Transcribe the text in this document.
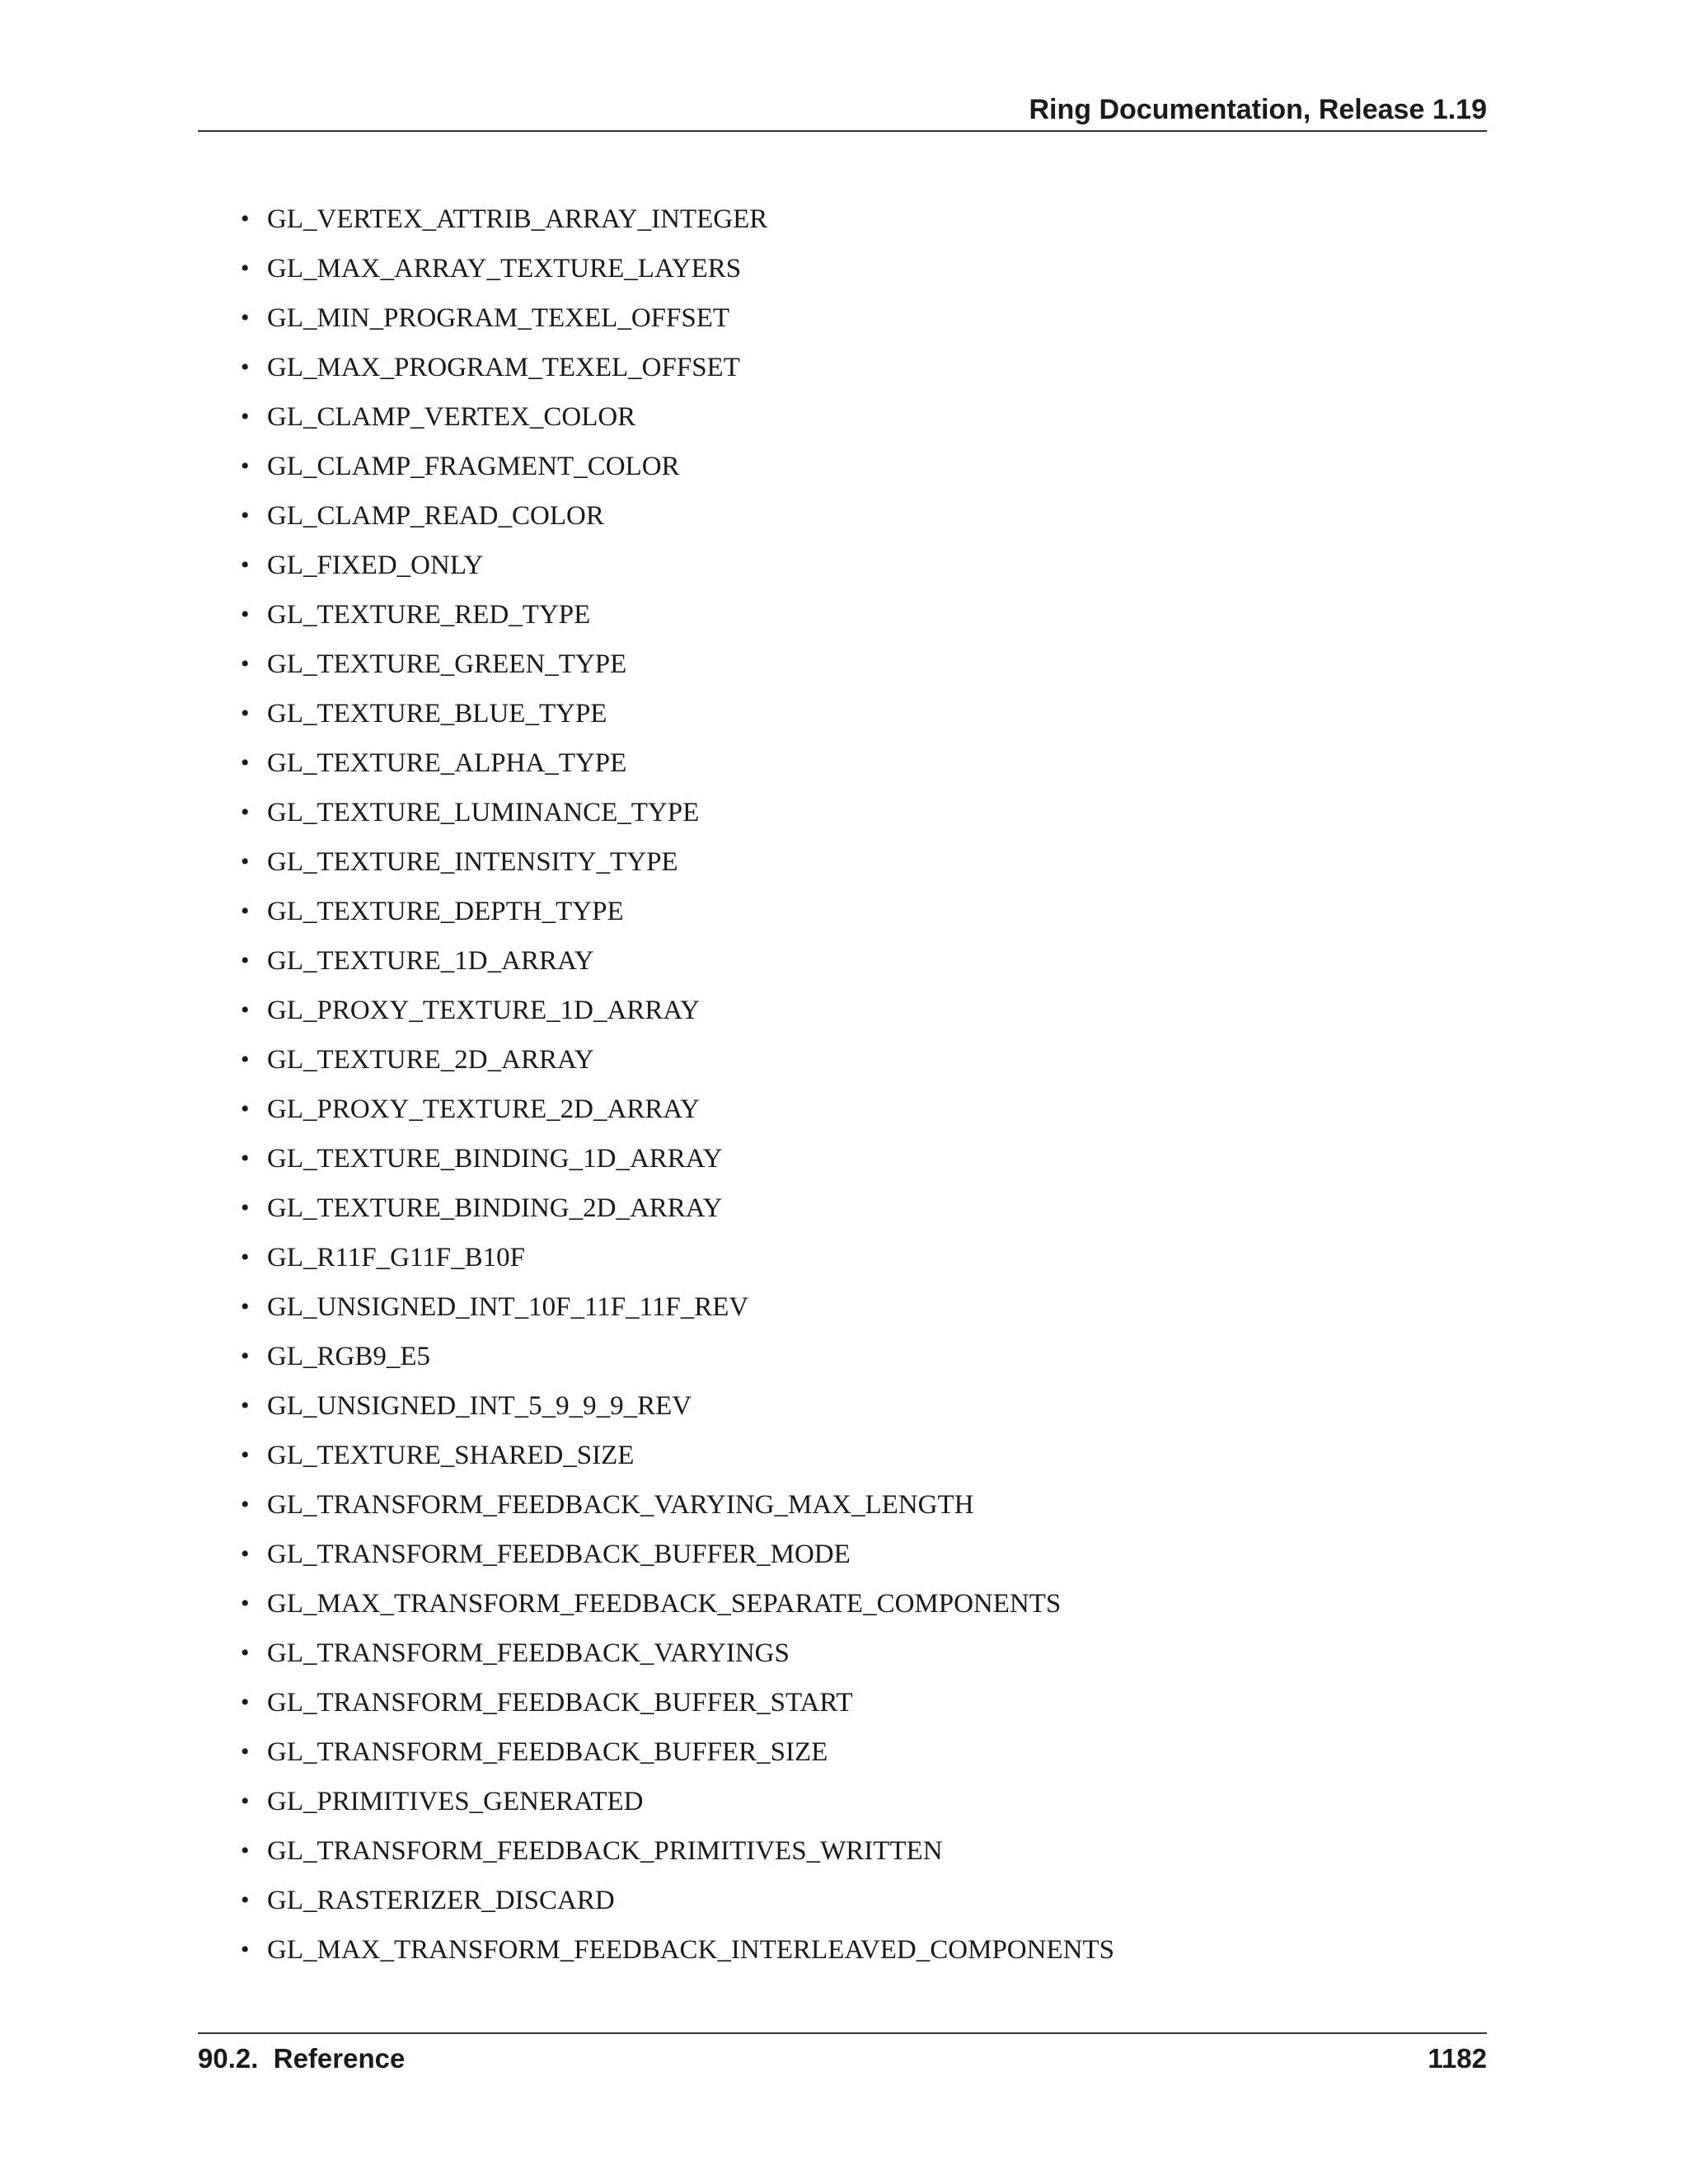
Ring Documentation, Release 1.19
• GL_VERTEX_ATTRIB_ARRAY_INTEGER
• GL_MAX_ARRAY_TEXTURE_LAYERS
• GL_MIN_PROGRAM_TEXEL_OFFSET
• GL_MAX_PROGRAM_TEXEL_OFFSET
• GL_CLAMP_VERTEX_COLOR
• GL_CLAMP_FRAGMENT_COLOR
• GL_CLAMP_READ_COLOR
• GL_FIXED_ONLY
• GL_TEXTURE_RED_TYPE
• GL_TEXTURE_GREEN_TYPE
• GL_TEXTURE_BLUE_TYPE
• GL_TEXTURE_ALPHA_TYPE
• GL_TEXTURE_LUMINANCE_TYPE
• GL_TEXTURE_INTENSITY_TYPE
• GL_TEXTURE_DEPTH_TYPE
• GL_TEXTURE_1D_ARRAY
• GL_PROXY_TEXTURE_1D_ARRAY
• GL_TEXTURE_2D_ARRAY
• GL_PROXY_TEXTURE_2D_ARRAY
• GL_TEXTURE_BINDING_1D_ARRAY
• GL_TEXTURE_BINDING_2D_ARRAY
• GL_R11F_G11F_B10F
• GL_UNSIGNED_INT_10F_11F_11F_REV
• GL_RGB9_E5
• GL_UNSIGNED_INT_5_9_9_9_REV
• GL_TEXTURE_SHARED_SIZE
• GL_TRANSFORM_FEEDBACK_VARYING_MAX_LENGTH
• GL_TRANSFORM_FEEDBACK_BUFFER_MODE
• GL_MAX_TRANSFORM_FEEDBACK_SEPARATE_COMPONENTS
• GL_TRANSFORM_FEEDBACK_VARYINGS
• GL_TRANSFORM_FEEDBACK_BUFFER_START
• GL_TRANSFORM_FEEDBACK_BUFFER_SIZE
• GL_PRIMITIVES_GENERATED
• GL_TRANSFORM_FEEDBACK_PRIMITIVES_WRITTEN
• GL_RASTERIZER_DISCARD
• GL_MAX_TRANSFORM_FEEDBACK_INTERLEAVED_COMPONENTS
90.2.  Reference	1182
